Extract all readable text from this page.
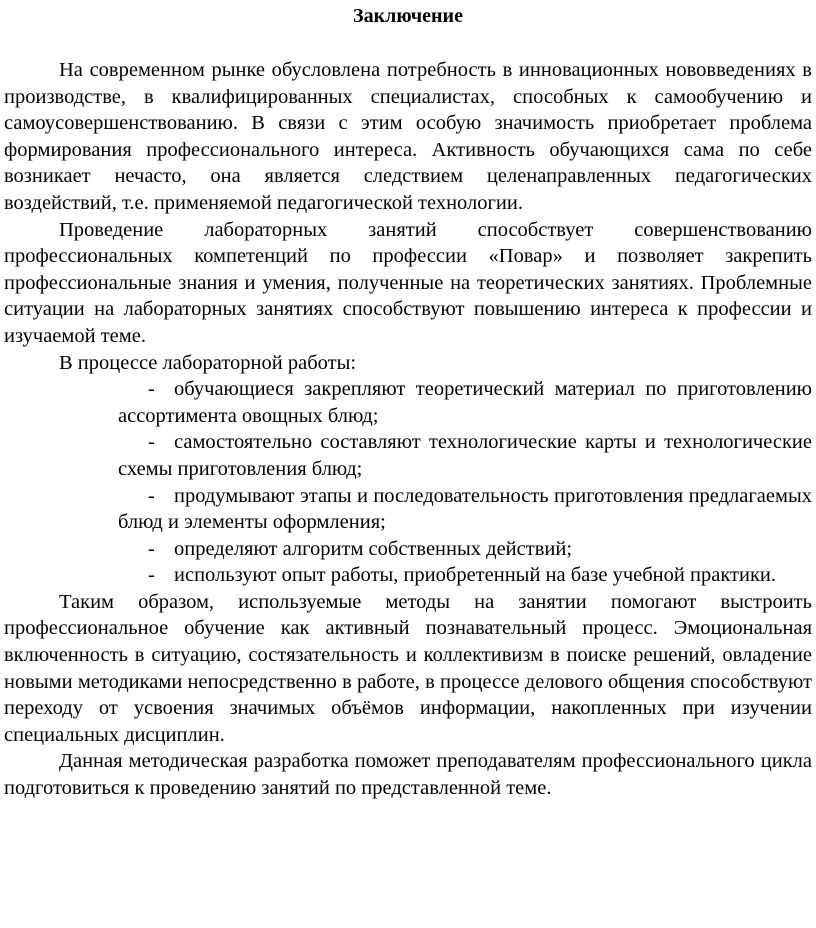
Заключение

На современном рынке обусловлена потребность в инновационных нововведениях в производстве, в квалифицированных специалистах, способных к самообучению и самоусовершенствованию. В связи с этим особую значимость приобретает проблема формирования профессионального интереса. Активность обучающихся сама по себе возникает нечасто, она является следствием целенаправленных педагогических воздействий, т.е. применяемой педагогической технологии.

Проведение лабораторных занятий способствует совершенствованию профессиональных компетенций по профессии «Повар» и позволяет закрепить профессиональные знания и умения, полученные на теоретических занятиях. Проблемные ситуации на лабораторных занятиях способствуют повышению интереса к профессии и изучаемой теме.

В процессе лабораторной работы:

- обучающиеся закрепляют теоретический материал по приготовлению ассортимента овощных блюд;
- самостоятельно составляют технологические карты и технологические схемы приготовления блюд;
- продумывают этапы и последовательность приготовления предлагаемых блюд и элементы оформления;
- определяют алгоритм собственных действий;
- используют опыт работы, приобретенный на базе учебной практики.

Таким образом, используемые методы на занятии помогают выстроить профессиональное обучение как активный познавательный процесс. Эмоциональная включенность в ситуацию, состязательность и коллективизм в поиске решений, овладение новыми методиками непосредственно в работе, в процессе делового общения способствуют переходу от усвоения значимых объёмов информации, накопленных при изучении специальных дисциплин.

Данная методическая разработка поможет преподавателям профессионального цикла подготовиться к проведению занятий по представленной теме.
